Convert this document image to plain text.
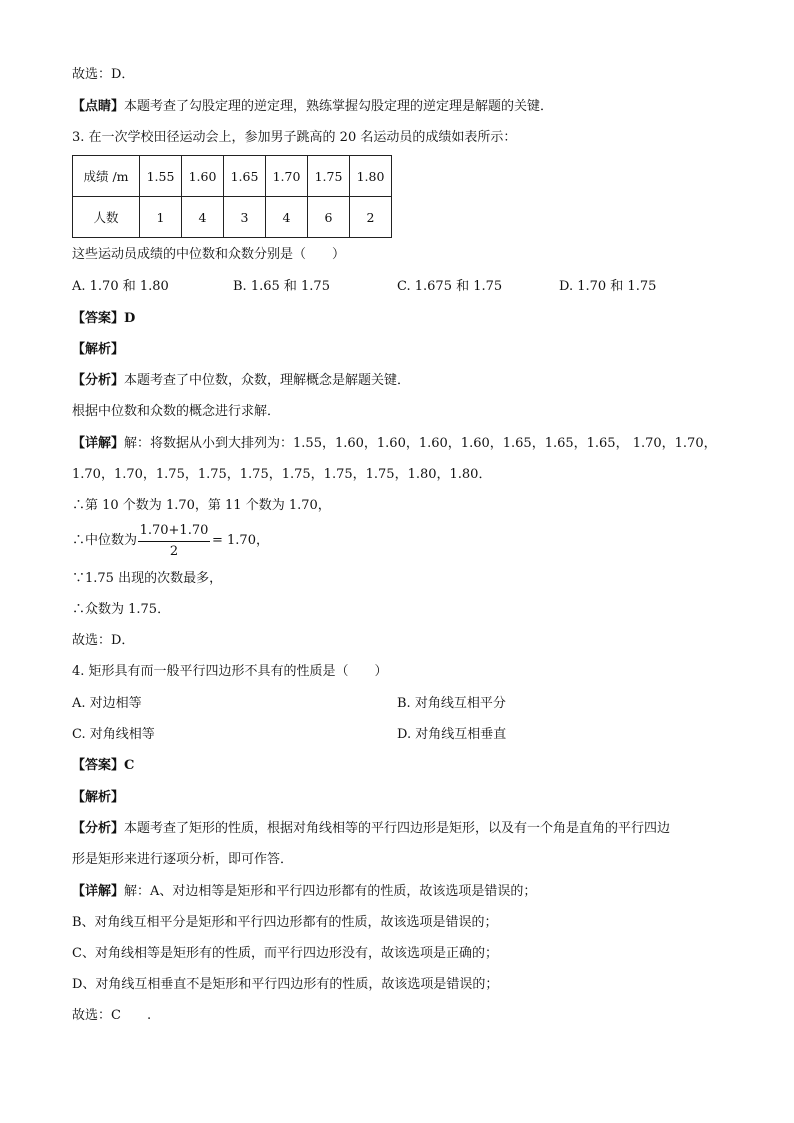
故选：D．
【点睛】本题考查了勾股定理的逆定理，熟练掌握勾股定理的逆定理是解题的关键．
3. 在一次学校田径运动会上，参加男子跳高的 20 名运动员的成绩如表所示：
成绩 /m	1.55	1.60	1.65	1.70	1.75	1.80
人数	1	4	3	4	6	2
这些运动员成绩的中位数和众数分别是（　　）
A. 1.70 和 1.80	B. 1.65 和 1.75	C. 1.675 和 1.75	D. 1.70 和 1.75
【答案】D
【解析】
【分析】本题考查了中位数，众数，理解概念是解题关键．
根据中位数和众数的概念进行求解．
【详解】解：将数据从小到大排列为：1.55，1.60，1.60，1.60，1.60，1.65，1.65，1.65， 1.70，1.70，
1.70，1.70，1.75，1.75，1.75，1.75，1.75，1.75，1.80，1.80．
∴第 10 个数为 1.70，第 11 个数为 1.70，
∴中位数为
1.70+1.70
2
= 1.70，
∵1.75 出现的次数最多，
∴众数为 1.75．
故选：D．
4. 矩形具有而一般平行四边形不具有的性质是（　　）
A. 对边相等	B. 对角线互相平分
C. 对角线相等	D. 对角线互相垂直
【答案】C
【解析】
【分析】本题考查了矩形的性质，根据对角线相等的平行四边形是矩形，以及有一个角是直角的平行四边
形是矩形来进行逐项分析，即可作答．
【详解】解：A、对边相等是矩形和平行四边形都有的性质，故该选项是错误的；
B、对角线互相平分是矩形和平行四边形都有的性质，故该选项是错误的；
C、对角线相等是矩形有的性质，而平行四边形没有，故该选项是正确的；
D、对角线互相垂直不是矩形和平行四边形有的性质，故该选项是错误的；
故选：C　　.
